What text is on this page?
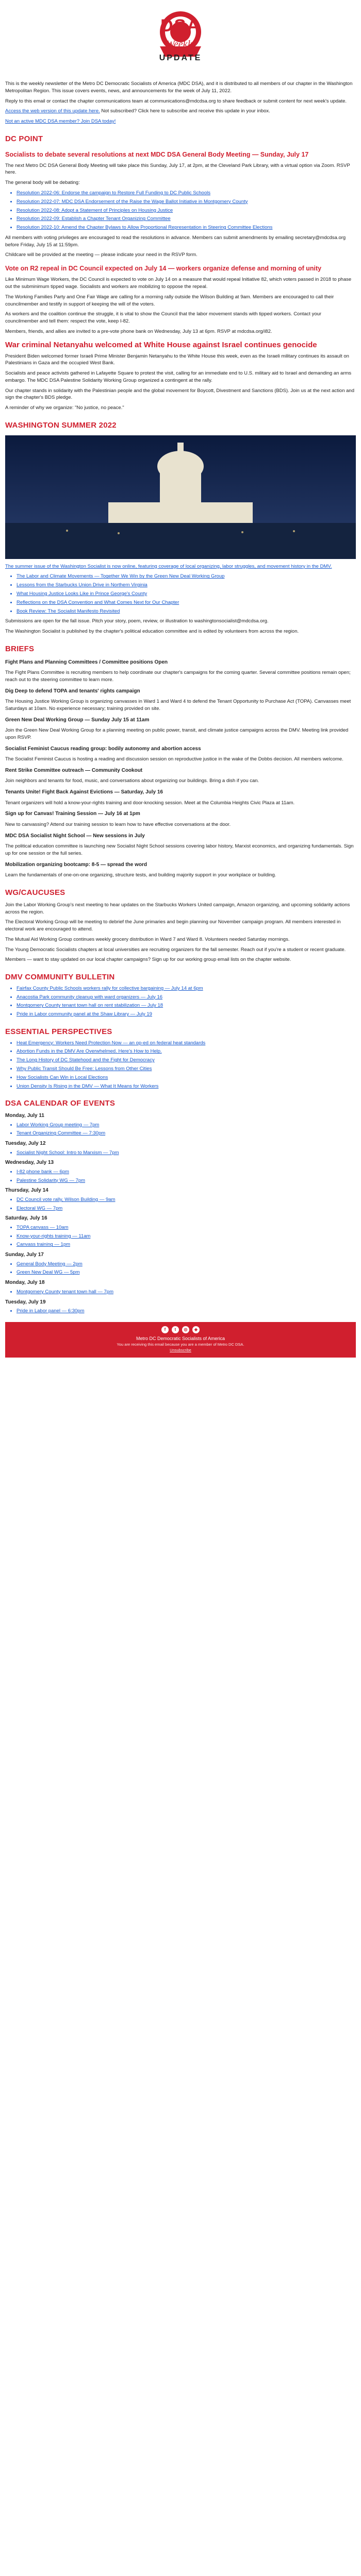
DSA
Weekly
UPDATE

This is the weekly newsletter of the Metro DC Democratic Socialists of America (MDC DSA), and it is distributed to all members of our chapter in the Washington Metropolitan Region. This issue covers events, news, and announcements for the week of July 11, 2022.

Reply to this email or contact the chapter communications team at communications@mdcdsa.org to share feedback or submit content for next week's update.

Access the web version of this update here. Not subscribed? Click here to subscribe and receive this update in your inbox.

Not an active MDC DSA member? Join DSA today!

DC POINT
Socialists to debate several resolutions at next MDC DSA General Body Meeting — Sunday, July 17

The next Metro DC DSA General Body Meeting will take place this Sunday, July 17, at 2pm, at the Cleveland Park Library, with a virtual option via Zoom. RSVP here.

The general body will be debating:

• Resolution 2022-06: Endorse the campaign to Restore Full Funding to DC Public Schools
• Resolution 2022-07: MDC DSA Endorsement of the Raise the Wage Ballot Initiative in Montgomery County
• Resolution 2022-08: Adopt a Statement of Principles on Housing Justice
• Resolution 2022-09: Establish a Chapter Tenant Organizing Committee
• Resolution 2022-10: Amend the Chapter Bylaws to Allow Proportional Representation in Steering Committee Elections

All members with voting privileges are encouraged to read the resolutions in advance. Members can submit amendments by emailing secretary@mdcdsa.org before Friday, July 15 at 11:59pm.

Childcare will be provided at the meeting — please indicate your need in the RSVP form.

Vote on R2 repeal in DC Council expected on July 14 — workers organize defense and morning of unity

Like Minimum Wage Workers, the DC Council is expected to vote on July 14 on a measure that would repeal Initiative 82, which voters passed in 2018 to phase out the subminimum tipped wage. Socialists and workers are mobilizing to oppose the repeal.

The Working Families Party and One Fair Wage are calling for a morning rally outside the Wilson Building at 9am. Members are encouraged to call their councilmember and testify in support of keeping the will of the voters.

As workers and the coalition continue the struggle, it is vital to show the Council that the labor movement stands with tipped workers. Contact your councilmember and tell them: respect the vote, keep I-82.

Members, friends, and allies are invited to a pre-vote phone bank on Wednesday, July 13 at 6pm. RSVP at mdcdsa.org/i82.

War criminal Netanyahu welcomed at White House against Israel continues genocide

President Biden welcomed former Israeli Prime Minister Benjamin Netanyahu to the White House this week, even as the Israeli military continues its assault on Palestinians in Gaza and the occupied West Bank.

Socialists and peace activists gathered in Lafayette Square to protest the visit, calling for an immediate end to U.S. military aid to Israel and demanding an arms embargo. The MDC DSA Palestine Solidarity Working Group organized a contingent at the rally.

Our chapter stands in solidarity with the Palestinian people and the global movement for Boycott, Divestment and Sanctions (BDS). Join us at the next action and sign the chapter's BDS pledge.

A reminder of why we organize: "No justice, no peace."

WASHINGTON SUMMER 2022

The summer issue of the Washington Socialist is now online, featuring coverage of local organizing, labor struggles, and movement history in the DMV.

• The Labor and Climate Movements — Together We Win by the Green New Deal Working Group
• Lessons from the Starbucks Union Drive in Northern Virginia
• What Housing Justice Looks Like in Prince George's County
• Reflections on the DSA Convention and What Comes Next for Our Chapter
• Book Review: The Socialist Manifesto Revisited

Submissions are open for the fall issue. Pitch your story, poem, review, or illustration to washingtonsocialist@mdcdsa.org.

The Washington Socialist is published by the chapter's political education committee and is edited by volunteers from across the region.

BRIEFS
Fight Plans and Planning Committees / Committee positions Open

The Fight Plans Committee is recruiting members to help coordinate our chapter's campaigns for the coming quarter. Several committee positions remain open; reach out to the steering committee to learn more.

Dig Deep to defend TOPA and tenants' rights campaign

The Housing Justice Working Group is organizing canvasses in Ward 1 and Ward 4 to defend the Tenant Opportunity to Purchase Act (TOPA). Canvasses meet Saturdays at 10am. No experience necessary; training provided on site.

Green New Deal Working Group — Sunday July 15 at 11am

Join the Green New Deal Working Group for a planning meeting on public power, transit, and climate justice campaigns across the DMV. Meeting link provided upon RSVP.

Socialist Feminist Caucus reading group: bodily autonomy and abortion access

The Socialist Feminist Caucus is hosting a reading and discussion session on reproductive justice in the wake of the Dobbs decision. All members welcome.

Rent Strike Committee outreach — Community Cookout

Join neighbors and tenants for food, music, and conversations about organizing our buildings. Bring a dish if you can.

Tenants Unite! Fight Back Against Evictions — Saturday, July 16

Tenant organizers will hold a know-your-rights training and door-knocking session. Meet at the Columbia Heights Civic Plaza at 11am.

Sign up for Canvas! Training Session — July 16 at 1pm

New to canvassing? Attend our training session to learn how to have effective conversations at the door.

MDC DSA Socialist Night School — New sessions in July

The political education committee is launching new Socialist Night School sessions covering labor history, Marxist economics, and organizing fundamentals. Sign up for one session or the full series.

Mobilization organizing bootcamp: 8-5 — spread the word

Learn the fundamentals of one-on-one organizing, structure tests, and building majority support in your workplace or building.

WG/CAUCUSES

Join the Labor Working Group's next meeting to hear updates on the Starbucks Workers United campaign, Amazon organizing, and upcoming solidarity actions across the region.

The Electoral Working Group will be meeting to debrief the June primaries and begin planning our November campaign program. All members interested in electoral work are encouraged to attend.

The Mutual Aid Working Group continues weekly grocery distribution in Ward 7 and Ward 8. Volunteers needed Saturday mornings.

The Young Democratic Socialists chapters at local universities are recruiting organizers for the fall semester. Reach out if you're a student or recent graduate.

Members — want to stay updated on our local chapter campaigns? Sign up for our working group email lists on the chapter website.

DMV COMMUNITY BULLETIN
• Fairfax County Public Schools workers rally for collective bargaining — July 14 at 6pm
• Anacostia Park community cleanup with ward organizers — July 16
• Montgomery County tenant town hall on rent stabilization — July 18
• Pride in Labor community panel at the Shaw Library — July 19
ESSENTIAL PERSPECTIVES
• Heat Emergency: Workers Need Protection Now — an op-ed on federal heat standards
• Abortion Funds in the DMV Are Overwhelmed. Here's How to Help.
• The Long History of DC Statehood and the Fight for Democracy
• Why Public Transit Should Be Free: Lessons from Other Cities
• How Socialists Can Win in Local Elections
• Union Density Is Rising in the DMV — What It Means for Workers
DSA CALENDAR OF EVENTS
Monday, July 11
• Labor Working Group meeting — 7pm
• Tenant Organizing Committee — 7:30pm
Tuesday, July 12
• Socialist Night School: Intro to Marxism — 7pm
Wednesday, July 13
• I-82 phone bank — 6pm
• Palestine Solidarity WG — 7pm
Thursday, July 14
• DC Council vote rally, Wilson Building — 9am
• Electoral WG — 7pm
Saturday, July 16
• TOPA canvass — 10am
• Know-your-rights training — 11am
• Canvass training — 1pm
Sunday, July 17
• General Body Meeting — 2pm
• Green New Deal WG — 5pm
Monday, July 18
• Montgomery County tenant town hall — 7pm
Tuesday, July 19
• Pride in Labor panel — 6:30pm
f	t	◎	◈
Metro DC Democratic Socialists of America
You are receiving this email because you are a member of Metro DC DSA.
Unsubscribe
